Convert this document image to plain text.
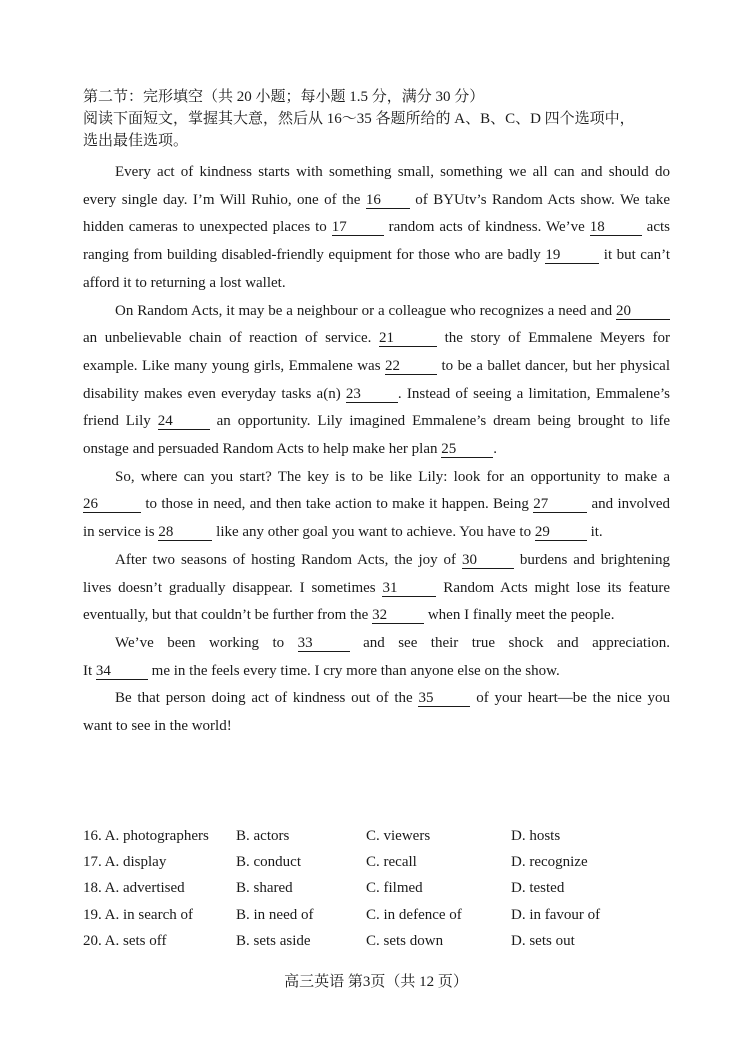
第二节：完形填空（共 20 小题；每小题 1.5 分，满分 30 分）
阅读下面短文，掌握其大意，然后从 16～35 各题所给的 A、B、C、D 四个选项中，
选出最佳选项。

Every act of kindness starts with something small, something we all can and should do every single day. I’m Will Ruhio, one of the 16 of BYUtv’s Random Acts show. We take hidden cameras to unexpected places to 17 random acts of kindness. We’ve 18 acts ranging from building disabled-friendly equipment for those who are badly 19	it but can’t afford it to returning a lost wallet.

On Random Acts, it may be a neighbour or a colleague who recognizes a need and 20 an unbelievable chain of reaction of service. 21	the story of Emmalene Meyers for example. Like many young girls, Emmalene was 22 to be a ballet dancer, but her physical disability makes even everyday tasks a(n) 23 . Instead of seeing a limitation, Emmalene’s friend Lily 24 an opportunity. Lily imagined Emmalene’s dream being brought to life onstage and persuaded Random Acts to help make her plan 25 .

So, where can you start? The key is to be like Lily: look for an opportunity to make a 26	to those in need, and then take action to make it happen. Being 27	and involved in service is 28	like any other goal you want to achieve. You have to 29 it.

After two seasons of hosting Random Acts, the joy of 30 burdens and brightening lives doesn’t gradually disappear. I sometimes 31	Random Acts might lose its feature eventually, but that couldn’t be further from the 32 when I finally meet the people.

We’ve been working to 33 and see their true shock and appreciation.

It 34 me in the feels every time. I cry more than anyone else on the show.

Be that person doing act of kindness out of the 35 of your heart—be the nice you want to see in the world!

16. A. photographers B. actors	C. viewers	D. hosts
17. A. display	B. conduct	C. recall	D. recognize
18. A. advertised	B. shared	C. filmed	D. tested
19. A. in search of	B. in need of	C. in defence of	D. in favour of
20. A. sets off	B. sets aside	C. sets down	D. sets out
高三英语 第3页（共 12 页）
